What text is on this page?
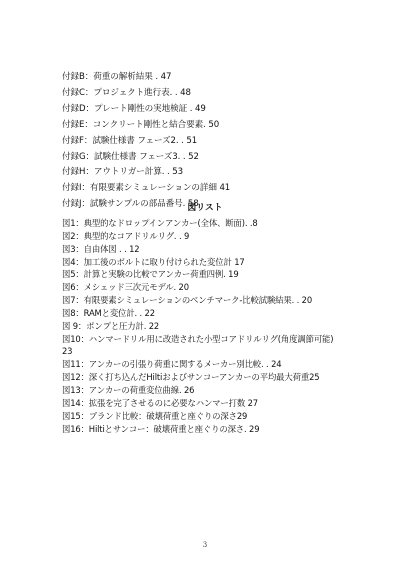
付録B：荷重の解析結果 . 47
付録C：プロジェクト進行表. . 48
付録D：プレート剛性の実地検証 . 49
付録E：コンクリート剛性と結合要素. 50
付録F：試験仕様書 フェーズ2. . 51
付録G：試験仕様書 フェーズ3. . 52
付録H：アウトリガー計算. . 53
付録I：有限要素シミュレーションの詳細 41
付録J：試験サンプルの部品番号. 58
図リスト
図1：典型的なドロップインアンカー(全体、断面). .8
図2：典型的なコアドリルリグ. . 9
図3：自由体図 . . 12
図4：加工後のボルトに取り付けられた変位計 17
図5：計算と実験の比較でアンカー荷重四例. 19
図6：メシェッド三次元モデル. 20
図7：有限要素シミュレーションのベンチマーク-比較試験結果. . 20
図8：RAMと変位計. . 22
図 9：ポンプと圧力計. 22
図10：ハンマードリル用に改造された小型コアドリルリグ(角度調節可能)
23
図11：アンカーの引張り荷重に関するメーカー別比較. . 24
図12：深く打ち込んだHiltiおよびサンコーアンカーの平均最大荷重25
図13：アンカーの荷重変位曲線. 26
図14：拡張を完了させるのに必要なハンマー打数 27
図15：ブランド比較：破壊荷重と座ぐりの深さ29
図16：Hiltiとサンコー：破壊荷重と座ぐりの深さ. 29
3
